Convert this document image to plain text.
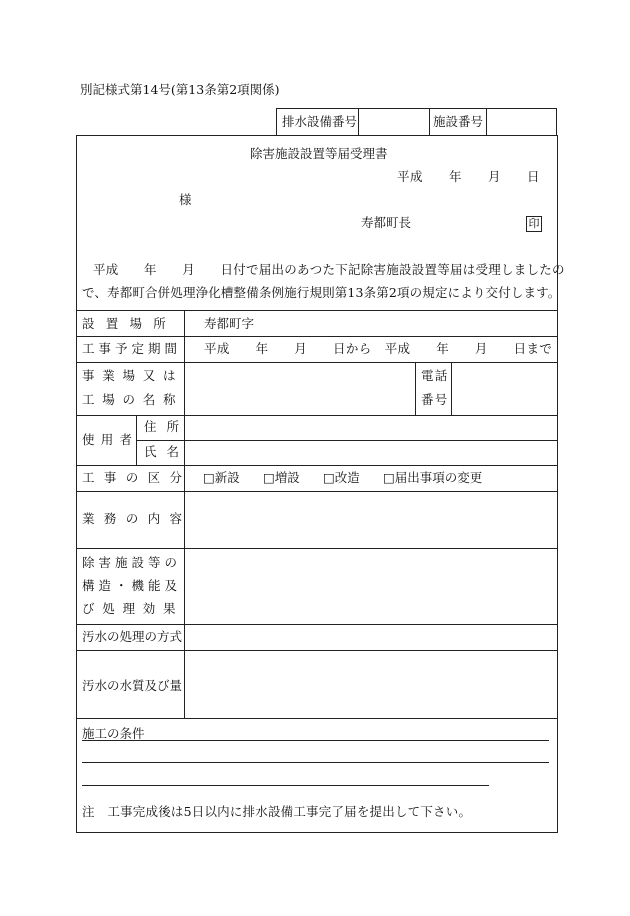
別記様式第14号(第13条第2項関係)
排水設備番号	施設番号
除害施設設置等届受理書
平成　　年　　月　　日
様
寿都町長	印
平成　　年　　月　　日付で届出のあつた下記除害施設設置等届は受理しましたの
で、寿都町合併処理浄化槽整備条例施行規則第13条第2項の規定により交付します。
設置場所 寿都町字
工事予定期間 平成　　年　　月　　日から　平成　　年　　月　　日まで
事業場又は
工場の名称
電話
番号
使用者
住所
氏名
工事の区分 □新設 □増設 □改造 □届出事項の変更
業務の内容
除害施設等の
構造・機能及
び処理効果
汚水の処理の方式
汚水の水質及び量
施工の条件
注　工事完成後は5日以内に排水設備工事完了届を提出して下さい。
